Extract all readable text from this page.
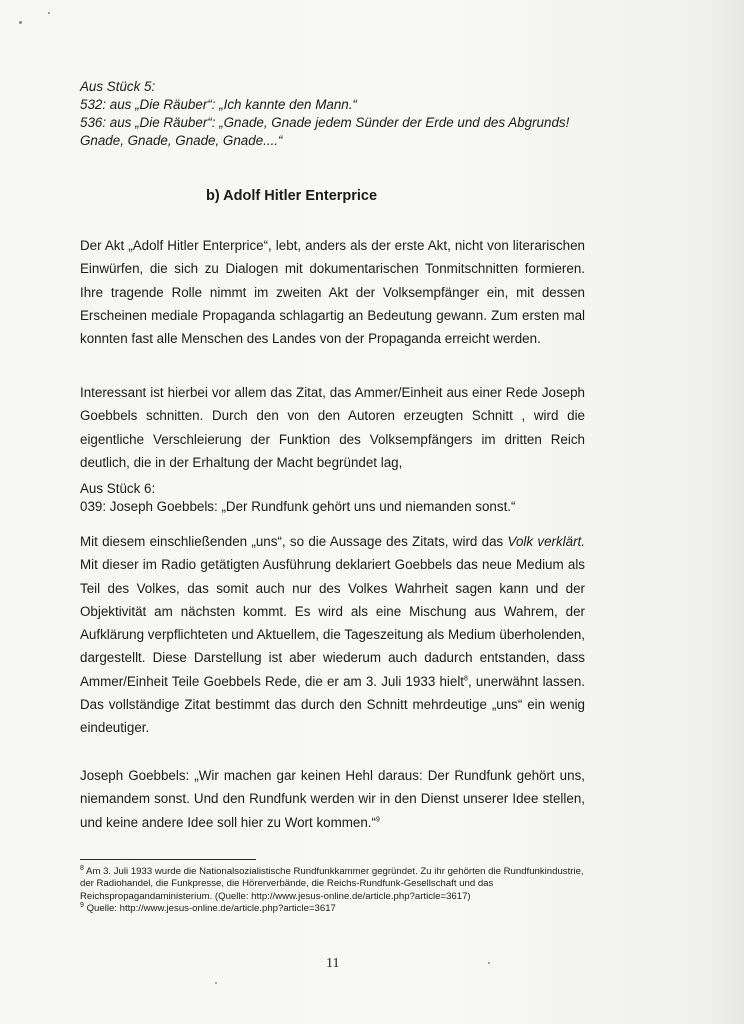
Aus Stück 5:

532: aus „Die Räuber“: „Ich kannte den Mann.“

536: aus „Die Räuber“: „Gnade, Gnade jedem Sünder der Erde und des Abgrunds! Gnade, Gnade, Gnade, Gnade....“

b) Adolf Hitler Enterprice

Der Akt „Adolf Hitler Enterprice“, lebt, anders als der erste Akt, nicht von literarischen Einwürfen, die sich zu Dialogen mit dokumentarischen Tonmitschnitten formieren. Ihre tragende Rolle nimmt im zweiten Akt der Volksempfänger ein, mit dessen Erscheinen mediale Propaganda schlagartig an Bedeutung gewann. Zum ersten mal konnten fast alle Menschen des Landes von der Propaganda erreicht werden.

Interessant ist hierbei vor allem das Zitat, das Ammer/Einheit aus einer Rede Joseph Goebbels schnitten. Durch den von den Autoren erzeugten Schnitt , wird die eigentliche Verschleierung der Funktion des Volksempfängers im dritten Reich deutlich, die in der Erhaltung der Macht begründet lag,

Aus Stück 6:

039: Joseph Goebbels: „Der Rundfunk gehört uns und niemanden sonst.“

Mit diesem einschließenden „uns“, so die Aussage des Zitats, wird das Volk verklärt. Mit dieser im Radio getätigten Ausführung deklariert Goebbels das neue Medium als Teil des Volkes, das somit auch nur des Volkes Wahrheit sagen kann und der Objektivität am nächsten kommt. Es wird als eine Mischung aus Wahrem, der Aufklärung verpflichteten und Aktuellem, die Tageszeitung als Medium überholenden, dargestellt. Diese Darstellung ist aber wiederum auch dadurch entstanden, dass Ammer/Einheit Teile Goebbels Rede, die er am 3. Juli 1933 hielt$^8$, unerwähnt lassen. Das vollständige Zitat bestimmt das durch den Schnitt mehrdeutige „uns“ ein wenig eindeutiger.

Joseph Goebbels: „Wir machen gar keinen Hehl daraus: Der Rundfunk gehört uns, niemandem sonst. Und den Rundfunk werden wir in den Dienst unserer Idee stellen, und keine andere Idee soll hier zu Wort kommen.“$^9$

$^8$ Am 3. Juli 1933 wurde die Nationalsozialistische Rundfunkkammer gegründet. Zu ihr gehörten die Rundfunkindustrie, der Radiohandel, die Funkpresse, die Hörerverbände, die Reichs-Rundfunk-Gesellschaft und das Reichspropagandaministerium. (Quelle: http://www.jesus-online.de/article.php?article=3617)

$^9$ Quelle: http://www.jesus-online.de/article.php?article=3617

11
